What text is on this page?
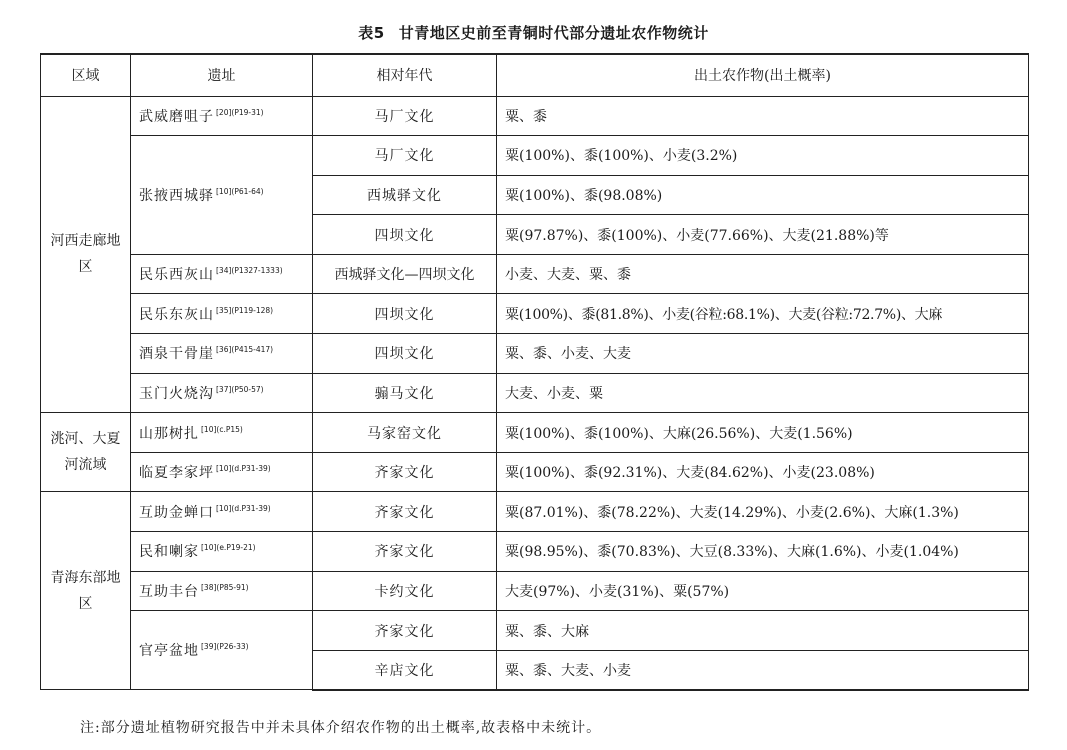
表5 甘青地区史前至青铜时代部分遗址农作物统计
区域	遗址	相对年代	出土农作物(出土概率)
河西走廊地区	武威磨咀子 $^{[20](P19-31)}$	马厂文化	粟、黍
	张掖西城驿 $^{[10](P61-64)}$	马厂文化	粟(100%)、黍(100%)、小麦(3.2%)
		西城驿文化	粟(100%)、黍(98.08%)
		四坝文化	粟(97.87%)、黍(100%)、小麦(77.66%)、大麦(21.88%)等
	民乐西灰山 $^{[34](P1327-1333)}$	西城驿文化—四坝文化	小麦、大麦、粟、黍
	民乐东灰山 $^{[35](P119-128)}$	四坝文化	粟(100%)、黍(81.8%)、小麦(谷粒:68.1%)、大麦(谷粒:72.7%)、大麻
	酒泉干骨崖 $^{[36](P415-417)}$	四坝文化	粟、黍、小麦、大麦
	玉门火烧沟 $^{[37](P50-57)}$	骟马文化	大麦、小麦、粟
洮河、大夏河流域	山那树扎 $^{[10](c.P15)}$	马家窑文化	粟(100%)、黍(100%)、大麻(26.56%)、大麦(1.56%)
	临夏李家坪 $^{[10](d.P31-39)}$	齐家文化	粟(100%)、黍(92.31%)、大麦(84.62%)、小麦(23.08%)
青海东部地区	互助金蝉口 $^{[10](d.P31-39)}$	齐家文化	粟(87.01%)、黍(78.22%)、大麦(14.29%)、小麦(2.6%)、大麻(1.3%)
	民和喇家 $^{[10](e.P19-21)}$	齐家文化	粟(98.95%)、黍(70.83%)、大豆(8.33%)、大麻(1.6%)、小麦(1.04%)
	互助丰台 $^{[38](P85-91)}$	卡约文化	大麦(97%)、小麦(31%)、粟(57%)
	官亭盆地 $^{[39](P26-33)}$	齐家文化	粟、黍、大麻
		辛店文化	粟、黍、大麦、小麦
注:部分遗址植物研究报告中并未具体介绍农作物的出土概率,故表格中未统计。
